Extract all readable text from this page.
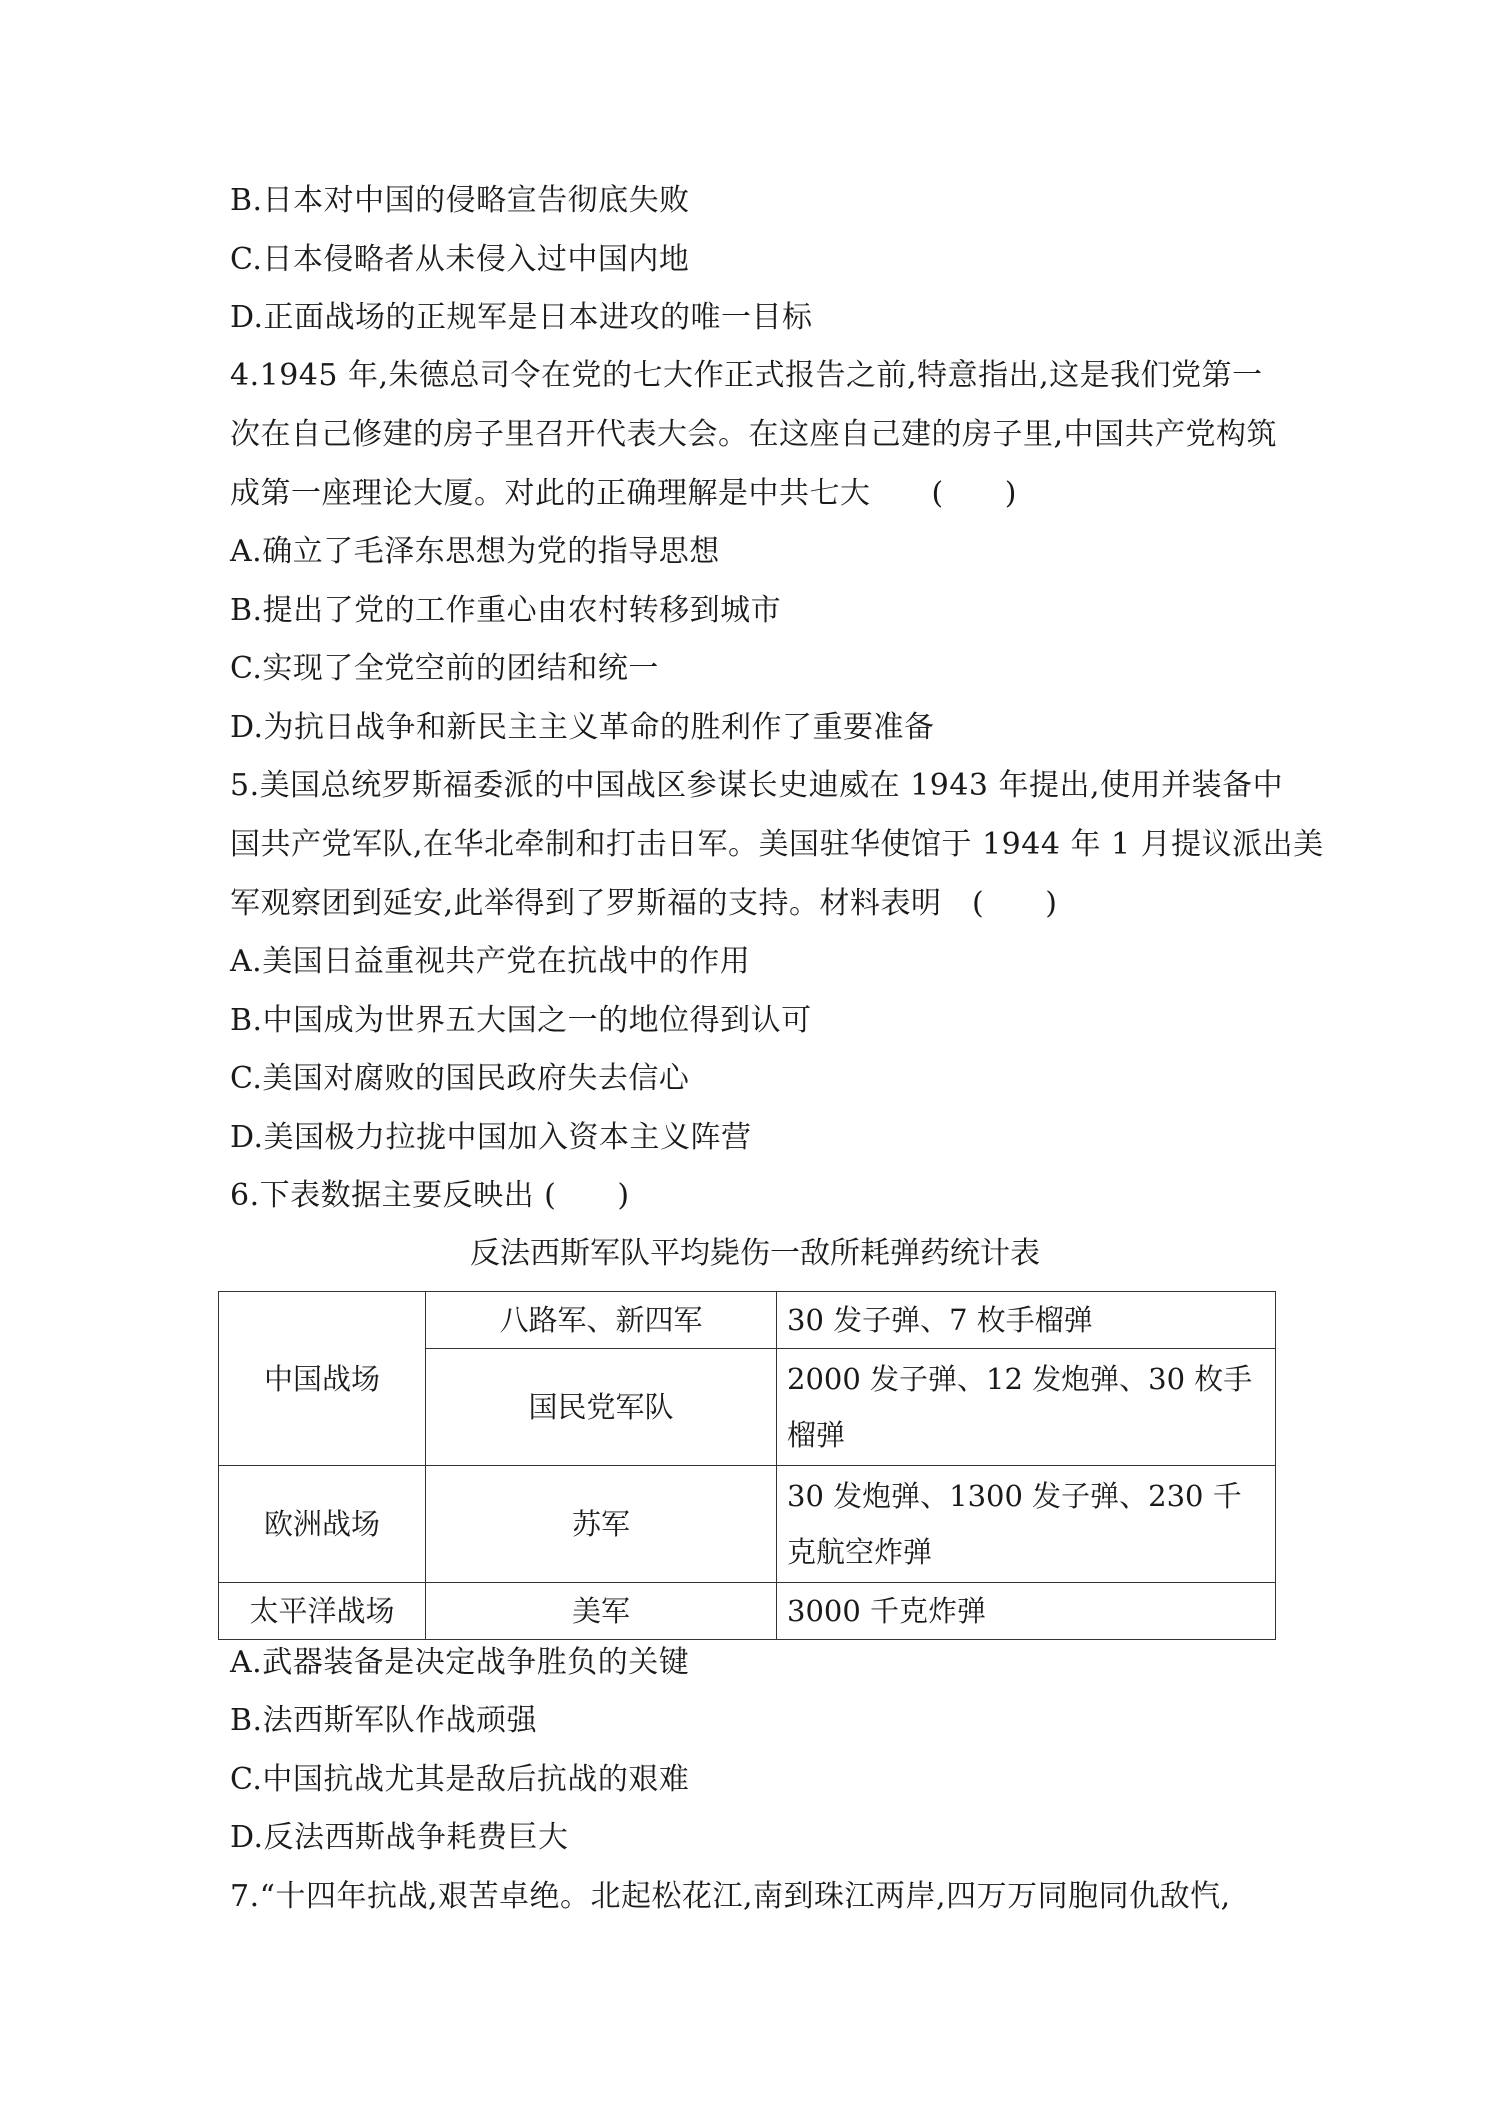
B.日本对中国的侵略宣告彻底失败
C.日本侵略者从未侵入过中国内地
D.正面战场的正规军是日本进攻的唯一目标
4.1945 年,朱德总司令在党的七大作正式报告之前,特意指出,这是我们党第一
次在自己修建的房子里召开代表大会。在这座自己建的房子里,中国共产党构筑
成第一座理论大厦。对此的正确理解是中共七大　　(　　)
A.确立了毛泽东思想为党的指导思想
B.提出了党的工作重心由农村转移到城市
C.实现了全党空前的团结和统一
D.为抗日战争和新民主主义革命的胜利作了重要准备
5.美国总统罗斯福委派的中国战区参谋长史迪威在 1943 年提出,使用并装备中
国共产党军队,在华北牵制和打击日军。美国驻华使馆于 1944 年 1 月提议派出美
军观察团到延安,此举得到了罗斯福的支持。材料表明　(　　)
A.美国日益重视共产党在抗战中的作用
B.中国成为世界五大国之一的地位得到认可
C.美国对腐败的国民政府失去信心
D.美国极力拉拢中国加入资本主义阵营
6.下表数据主要反映出 (　　)
反法西斯军队平均毙伤一敌所耗弹药统计表
中国战场	八路军、新四军	30 发子弹、7 枚手榴弹
	国民党军队	2000 发子弹、12 发炮弹、30 枚手榴弹
欧洲战场	苏军	30 发炮弹、1300 发子弹、230 千克航空炸弹
太平洋战场	美军	3000 千克炸弹
A.武器装备是决定战争胜负的关键
B.法西斯军队作战顽强
C.中国抗战尤其是敌后抗战的艰难
D.反法西斯战争耗费巨大
7.“十四年抗战,艰苦卓绝。北起松花江,南到珠江两岸,四万万同胞同仇敌忾,
